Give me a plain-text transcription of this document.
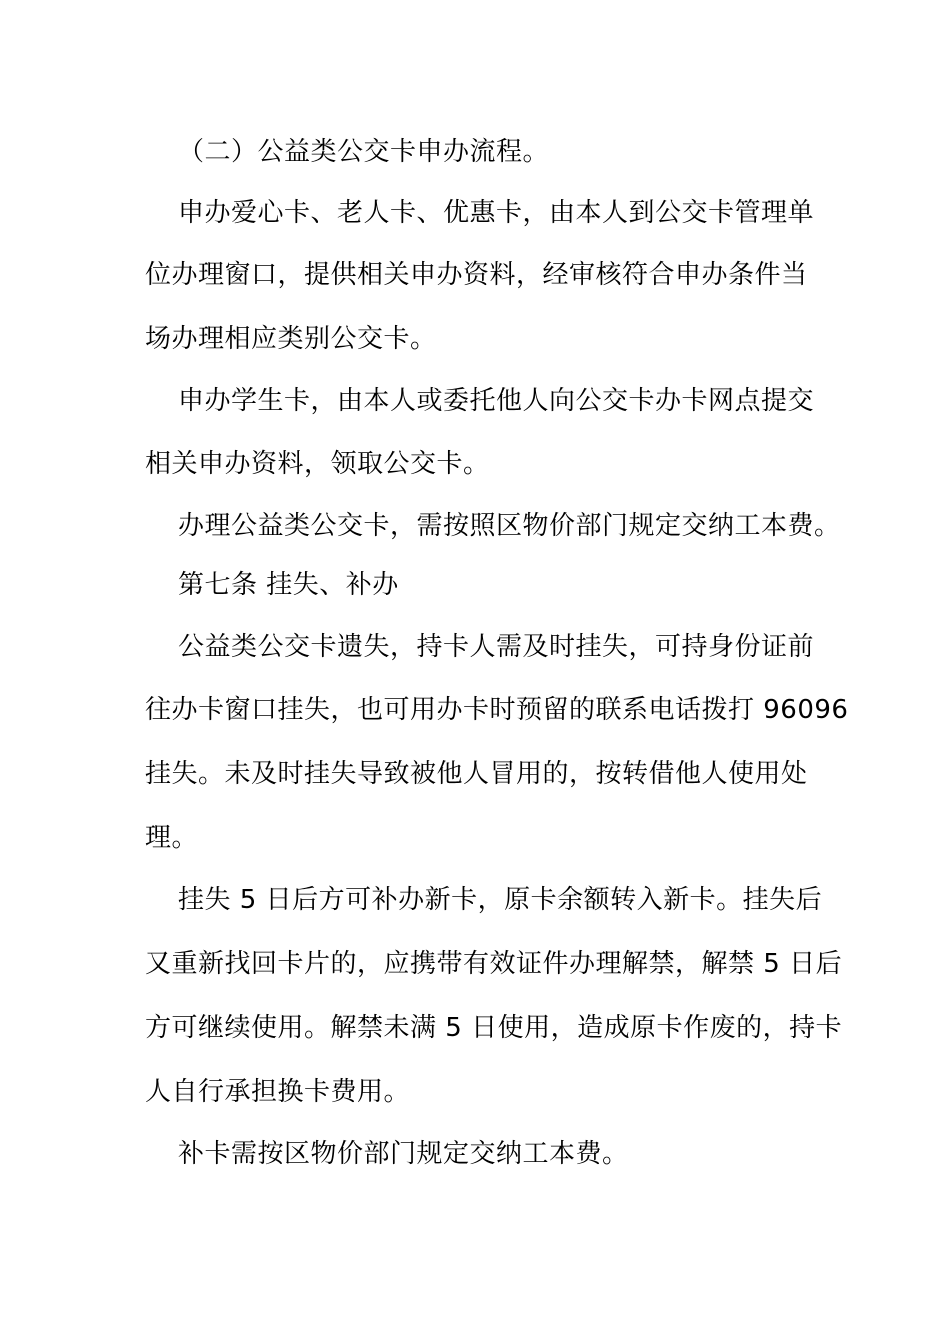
（二）公益类公交卡申办流程。
申办爱心卡、老人卡、优惠卡，由本人到公交卡管理单
位办理窗口，提供相关申办资料，经审核符合申办条件当
场办理相应类别公交卡。
申办学生卡，由本人或委托他人向公交卡办卡网点提交
相关申办资料，领取公交卡。
办理公益类公交卡，需按照区物价部门规定交纳工本费。
第七条 挂失、补办
公益类公交卡遗失，持卡人需及时挂失，可持身份证前
往办卡窗口挂失，也可用办卡时预留的联系电话拨打 96096
挂失。未及时挂失导致被他人冒用的，按转借他人使用处
理。
挂失 5 日后方可补办新卡，原卡余额转入新卡。挂失后
又重新找回卡片的，应携带有效证件办理解禁，解禁 5 日后
方可继续使用。解禁未满 5 日使用，造成原卡作废的，持卡
人自行承担换卡费用。
补卡需按区物价部门规定交纳工本费。
